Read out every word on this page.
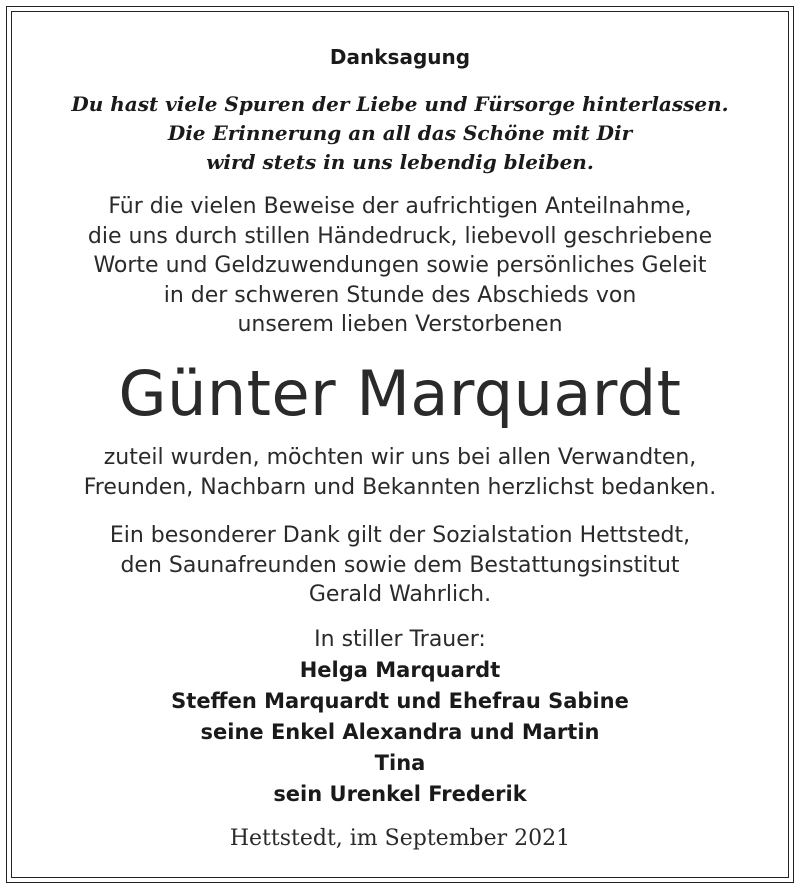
Danksagung
Du hast viele Spuren der Liebe und Fürsorge hinterlassen.
Die Erinnerung an all das Schöne mit Dir
wird stets in uns lebendig bleiben.
Für die vielen Beweise der aufrichtigen Anteilnahme,
die uns durch stillen Händedruck, liebevoll geschriebene
Worte und Geldzuwendungen sowie persönliches Geleit
in der schweren Stunde des Abschieds von
unserem lieben Verstorbenen
Günter Marquardt
zuteil wurden, möchten wir uns bei allen Verwandten,
Freunden, Nachbarn und Bekannten herzlichst bedanken.
Ein besonderer Dank gilt der Sozialstation Hettstedt,
den Saunafreunden sowie dem Bestattungsinstitut
Gerald Wahrlich.
In stiller Trauer:
Helga Marquardt
Steffen Marquardt und Ehefrau Sabine
seine Enkel Alexandra und Martin
Tina
sein Urenkel Frederik
Hettstedt, im September 2021
